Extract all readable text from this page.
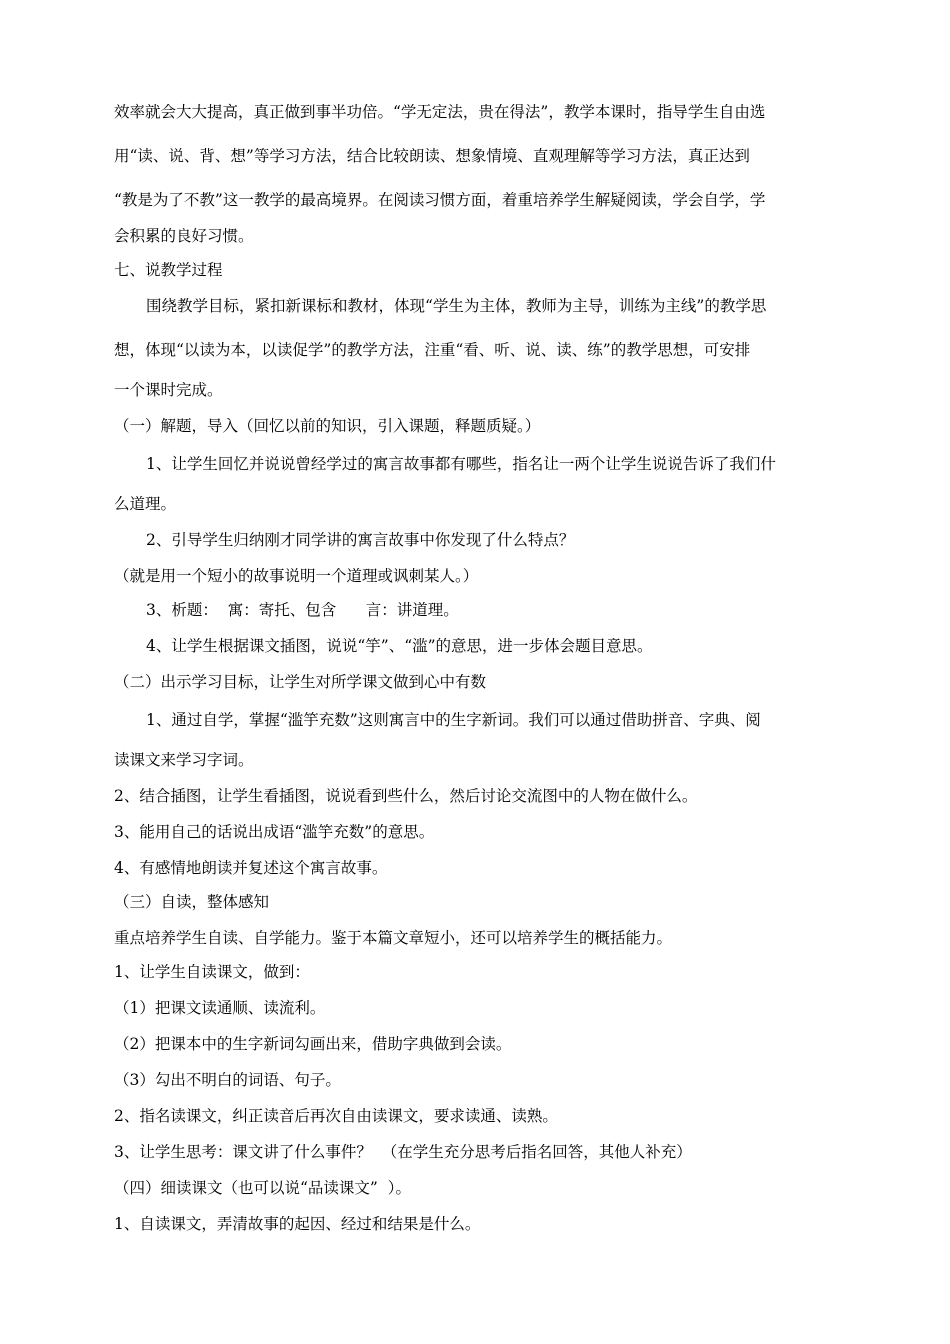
效率就会大大提高，真正做到事半功倍。“学无定法，贵在得法”，教学本课时，指导学生自由选
用“读、说、背、想”等学习方法，结合比较朗读、想象情境、直观理解等学习方法，真正达到
“教是为了不教”这一教学的最高境界。在阅读习惯方面，着重培养学生解疑阅读，学会自学，学
会积累的良好习惯。
七、说教学过程
围绕教学目标，紧扣新课标和教材，体现“学生为主体，教师为主导，训练为主线”的教学思
想，体现“以读为本，以读促学”的教学方法，注重“看、听、说、读、练”的教学思想，可安排
一个课时完成。
（一）解题，导入（回忆以前的知识，引入课题，释题质疑。）
1、让学生回忆并说说曾经学过的寓言故事都有哪些，指名让一两个让学生说说告诉了我们什
么道理。
2、引导学生归纳刚才同学讲的寓言故事中你发现了什么特点？
（就是用一个短小的故事说明一个道理或讽刺某人。）
3、析题：  寓：寄托、包含      言：讲道理。
4、让学生根据课文插图，说说“竽”、“滥”的意思，进一步体会题目意思。
（二）出示学习目标，让学生对所学课文做到心中有数
1、通过自学，掌握“滥竽充数”这则寓言中的生字新词。我们可以通过借助拼音、字典、阅
读课文来学习字词。
2、结合插图，让学生看插图，说说看到些什么，然后讨论交流图中的人物在做什么。
3、能用自己的话说出成语“滥竽充数”的意思。
4、有感情地朗读并复述这个寓言故事。
（三）自读，整体感知
重点培养学生自读、自学能力。鉴于本篇文章短小，还可以培养学生的概括能力。
1、让学生自读课文，做到：
（1）把课文读通顺、读流利。
（2）把课本中的生字新词勾画出来，借助字典做到会读。
（3）勾出不明白的词语、句子。
2、指名读课文，纠正读音后再次自由读课文，要求读通、读熟。
3、让学生思考：课文讲了什么事件？  （在学生充分思考后指名回答，其他人补充）
（四）细读课文（也可以说“品读课文”  ）。
1、自读课文，弄清故事的起因、经过和结果是什么。
